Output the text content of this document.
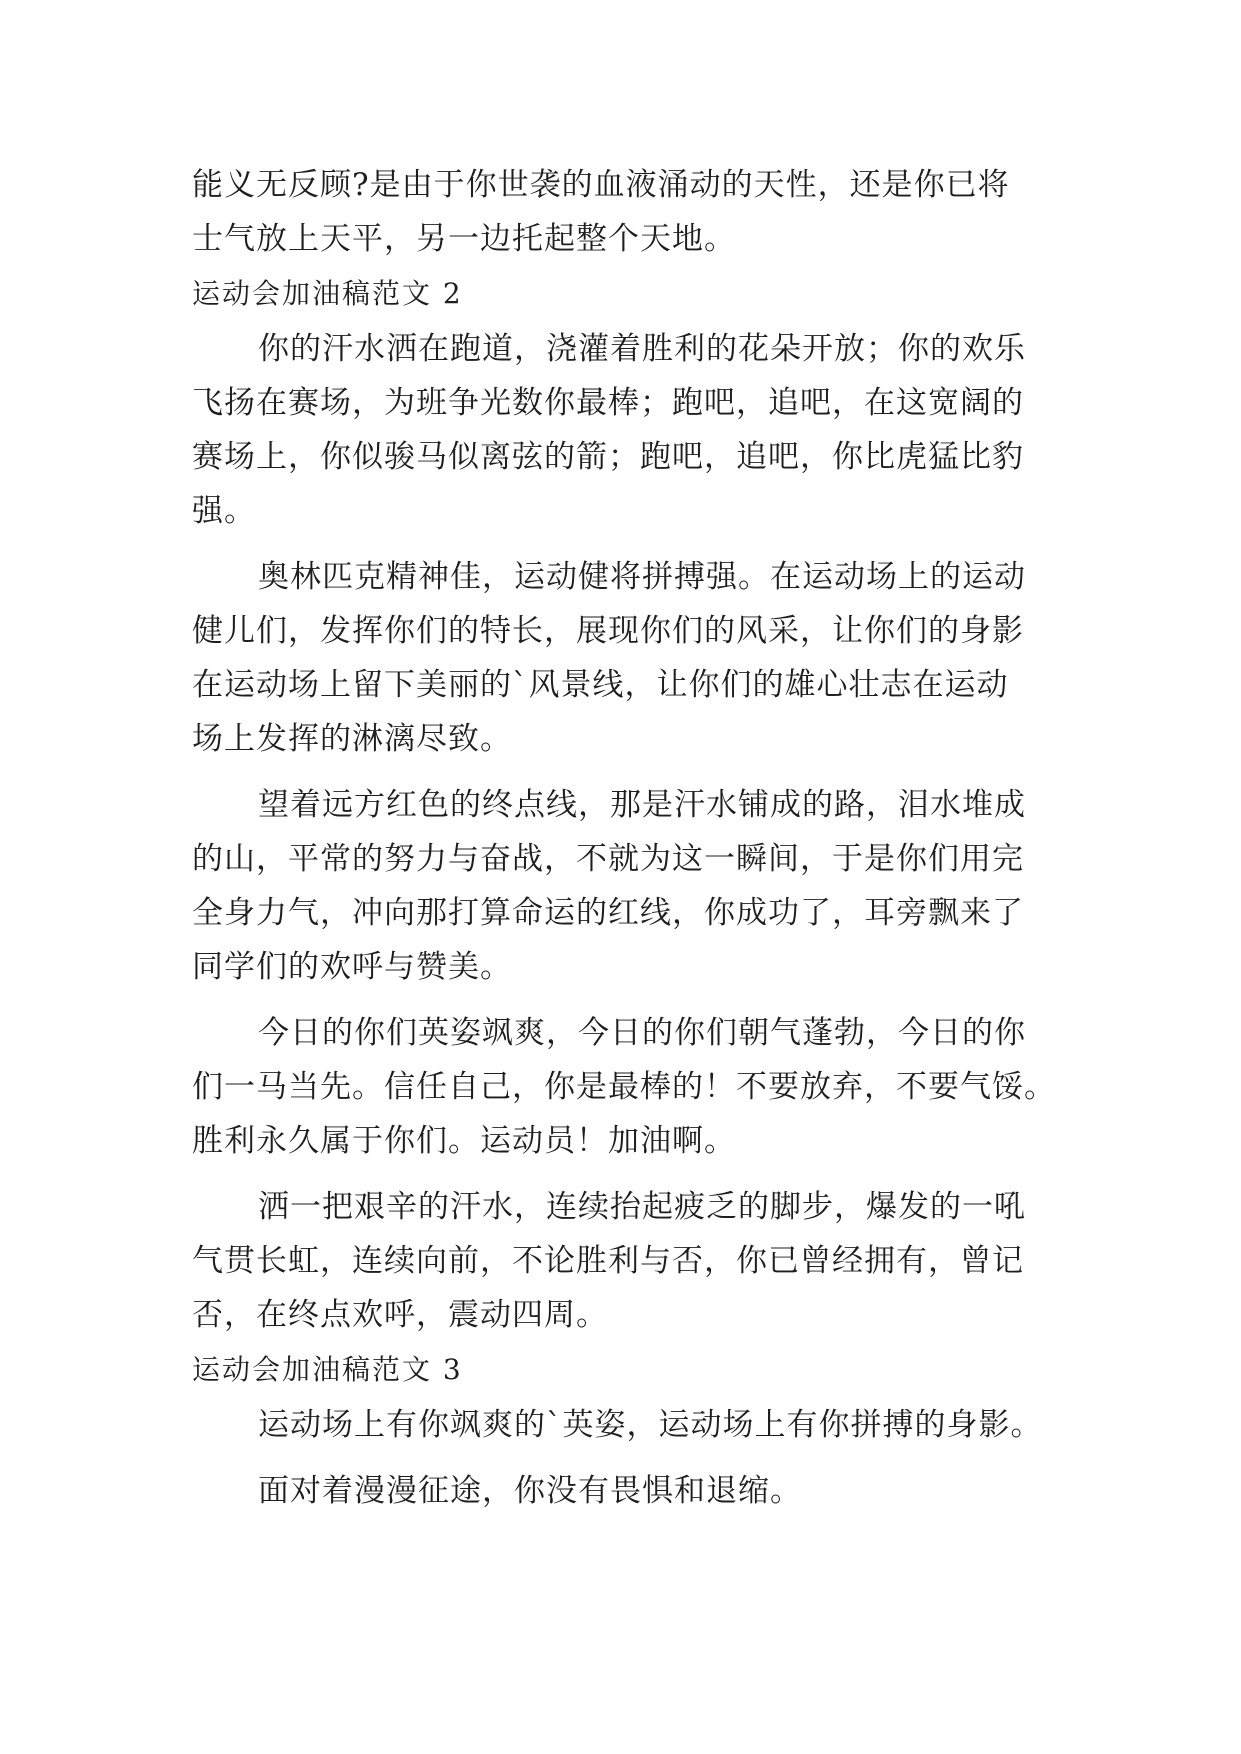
能义无反顾?是由于你世袭的血液涌动的天性，还是你已将
士气放上天平，另一边托起整个天地。
运动会加油稿范文 2
你的汗水洒在跑道，浇灌着胜利的花朵开放；你的欢乐
飞扬在赛场，为班争光数你最棒；跑吧，追吧，在这宽阔的
赛场上，你似骏马似离弦的箭；跑吧，追吧，你比虎猛比豹
强。
奥林匹克精神佳，运动健将拼搏强。在运动场上的运动
健儿们，发挥你们的特长，展现你们的风采，让你们的身影
在运动场上留下美丽的`风景线，让你们的雄心壮志在运动
场上发挥的淋漓尽致。
望着远方红色的终点线，那是汗水铺成的路，泪水堆成
的山，平常的努力与奋战，不就为这一瞬间，于是你们用完
全身力气，冲向那打算命运的红线，你成功了，耳旁飘来了
同学们的欢呼与赞美。
今日的你们英姿飒爽，今日的你们朝气蓬勃，今日的你
们一马当先。信任自己，你是最棒的！不要放弃，不要气馁。
胜利永久属于你们。运动员！加油啊。
洒一把艰辛的汗水，连续抬起疲乏的脚步，爆发的一吼
气贯长虹，连续向前，不论胜利与否，你已曾经拥有，曾记
否，在终点欢呼，震动四周。
运动会加油稿范文 3
运动场上有你飒爽的`英姿，运动场上有你拼搏的身影。
面对着漫漫征途，你没有畏惧和退缩。
